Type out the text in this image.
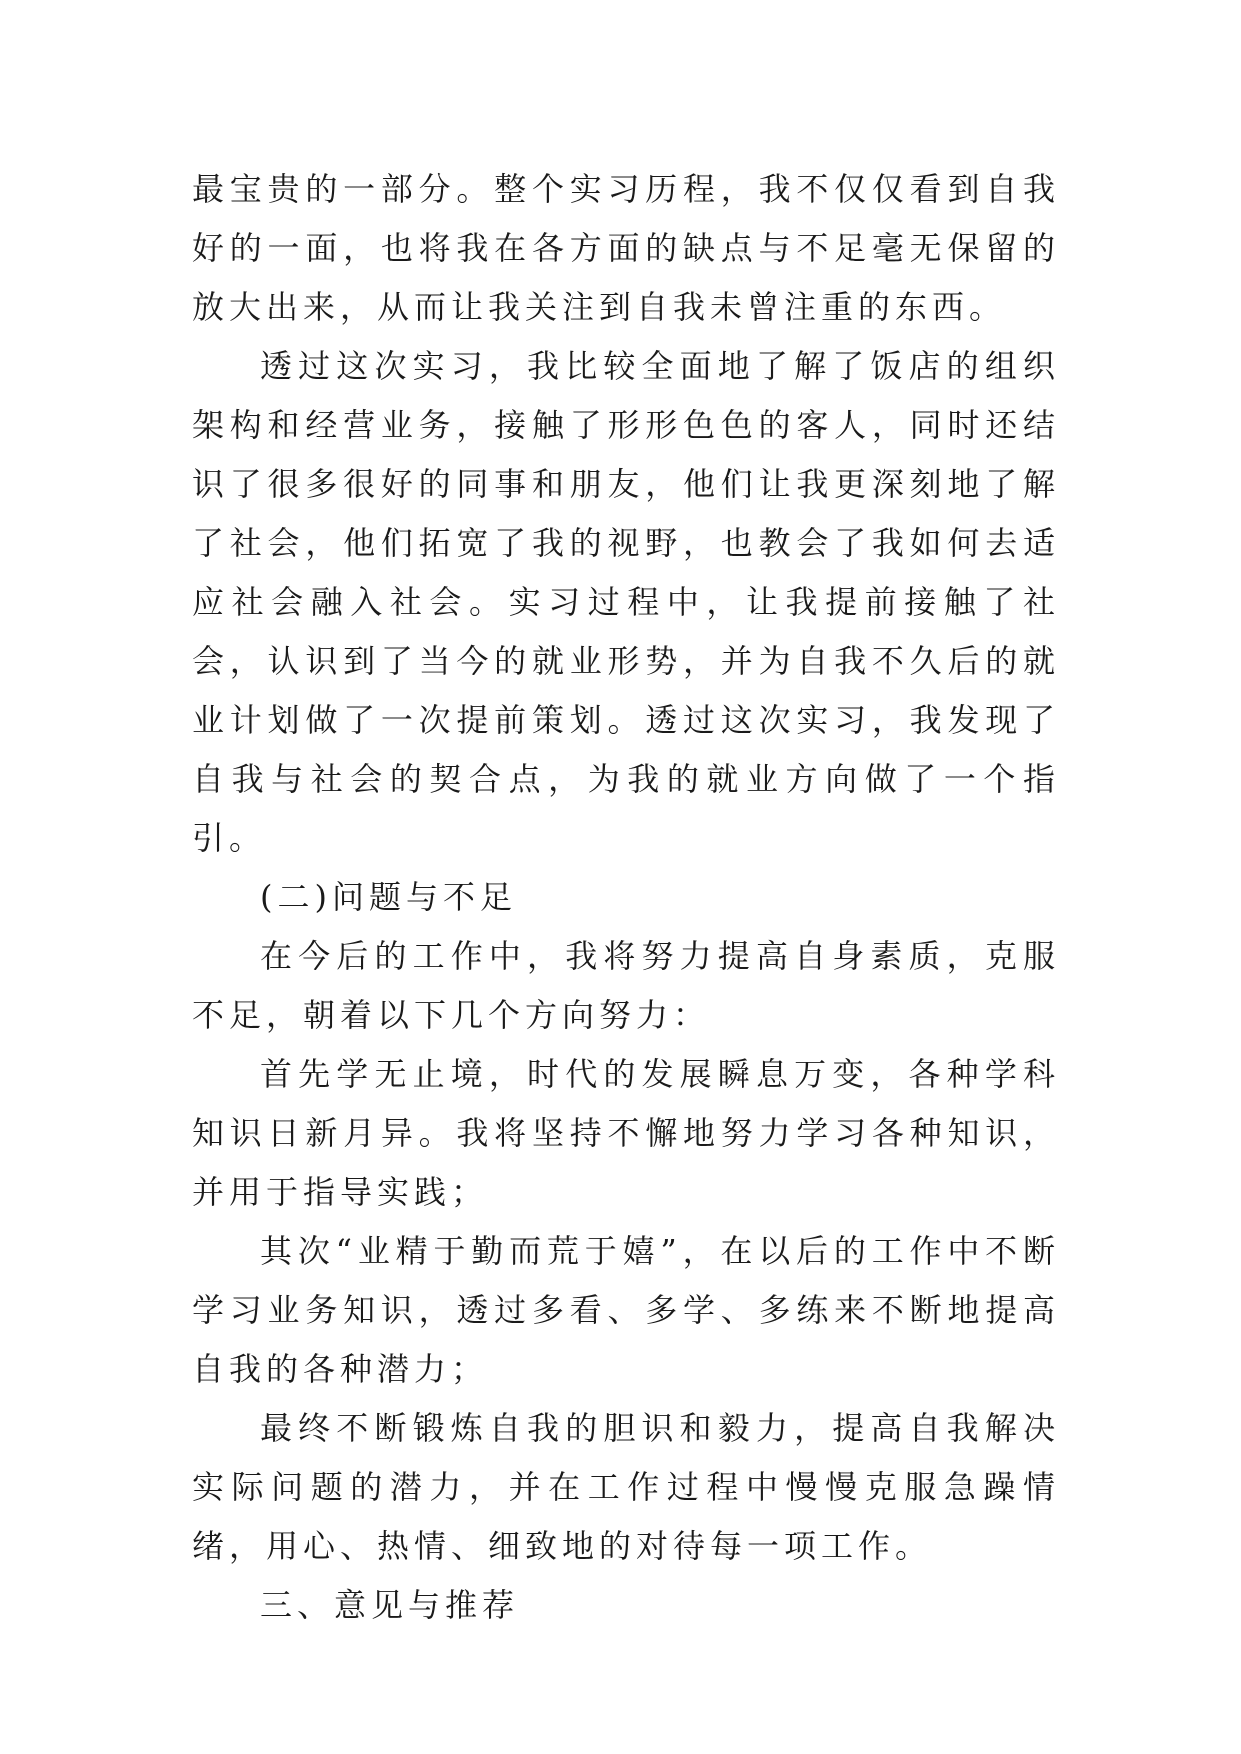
最宝贵的一部分。整个实习历程，我不仅仅看到自我好的一面，也将我在各方面的缺点与不足毫无保留的放大出来，从而让我关注到自我未曾注重的东西。

透过这次实习，我比较全面地了解了饭店的组织架构和经营业务，接触了形形色色的客人，同时还结识了很多很好的同事和朋友，他们让我更深刻地了解了社会，他们拓宽了我的视野，也教会了我如何去适应社会融入社会。实习过程中，让我提前接触了社会，认识到了当今的就业形势，并为自我不久后的就业计划做了一次提前策划。透过这次实习，我发现了自我与社会的契合点，为我的就业方向做了一个指引。

(二)问题与不足

在今后的工作中，我将努力提高自身素质，克服不足，朝着以下几个方向努力：

首先学无止境，时代的发展瞬息万变，各种学科知识日新月异。我将坚持不懈地努力学习各种知识，并用于指导实践；

其次“业精于勤而荒于嬉”，在以后的工作中不断学习业务知识，透过多看、多学、多练来不断地提高自我的各种潜力；

最终不断锻炼自我的胆识和毅力，提高自我解决实际问题的潜力，并在工作过程中慢慢克服急躁情绪，用心、热情、细致地的对待每一项工作。

三、意见与推荐
